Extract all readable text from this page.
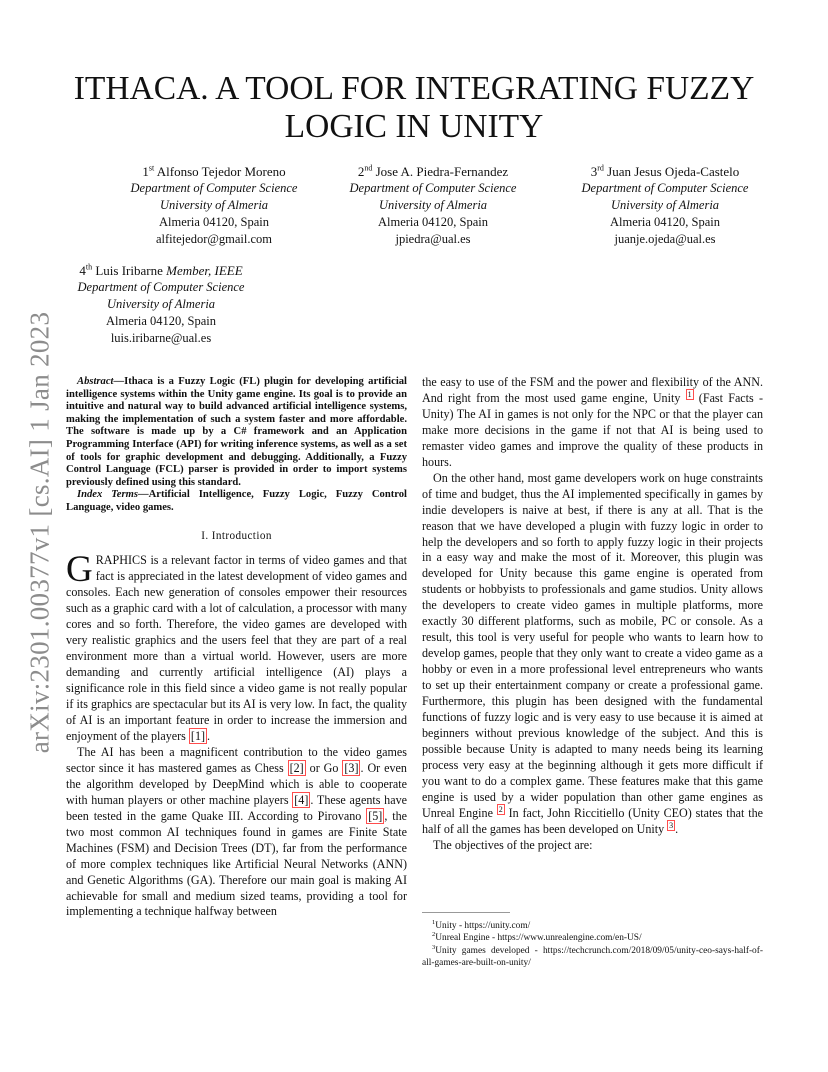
ITHACA. A TOOL FOR INTEGRATING FUZZY
LOGIC IN UNITY
1st Alfonso Tejedor Moreno
Department of Computer Science
University of Almeria
Almeria 04120, Spain
alfitejedor@gmail.com
2nd Jose A. Piedra-Fernandez
Department of Computer Science
University of Almeria
Almeria 04120, Spain
jpiedra@ual.es
3rd Juan Jesus Ojeda-Castelo
Department of Computer Science
University of Almeria
Almeria 04120, Spain
juanje.ojeda@ual.es
4th Luis Iribarne Member, IEEE
Department of Computer Science
University of Almeria
Almeria 04120, Spain
luis.iribarne@ual.es
arXiv:2301.00377v1 [cs.AI] 1 Jan 2023	Abstract—Ithaca is a Fuzzy Logic (FL) plugin for developing artificial intelligence systems within the Unity game engine. Its goal is to provide an intuitive and natural way to build advanced artificial intelligence systems, making the implementation of such a system faster and more affordable. The software is made up by a C# framework and an Application Programming Interface (API) for writing inference systems, as well as a set of tools for graphic development and debugging. Additionally, a Fuzzy Control Language (FCL) parser is provided in order to import systems previously defined using this standard.

Index Terms—Artificial Intelligence, Fuzzy Logic, Fuzzy Control Language, video games.

I. Introduction

GRAPHICS is a relevant factor in terms of video games and that fact is appreciated in the latest development of video games and consoles. Each new generation of consoles empower their resources such as a graphic card with a lot of calculation, a processor with many cores and so forth. Therefore, the video games are developed with very realistic graphics and the users feel that they are part of a real environment more than a virtual world. However, users are more demanding and currently artificial intelligence (AI) plays a significance role in this field since a video game is not really popular if its graphics are spectacular but its AI is very low. In fact, the quality of AI is an important feature in order to increase the immersion and enjoyment of the players [1] .

The AI has been a magnificent contribution to the video games sector since it has mastered games as Chess [2] or Go [3] . Or even the algorithm developed by DeepMind which is able to cooperate with human players or other machine players [4] . These agents have been tested in the game Quake III. According to Pirovano [5] , the two most common AI techniques found in games are Finite State Machines (FSM) and Decision Trees (DT), far from the performance of more complex techniques like Artificial Neural Networks (ANN) and Genetic Algorithms (GA). Therefore our main goal is making AI achievable for small and medium sized teams, providing a tool for implementing a technique halfway between

the easy to use of the FSM and the power and flexibility of the ANN. And right from the most used game engine, Unity $^1$ (Fast Facts - Unity) The AI in games is not only for the NPC or that the player can make more decisions in the game if not that AI is being used to remaster video games and improve the quality of these products in hours.

On the other hand, most game developers work on huge constraints of time and budget, thus the AI implemented specifically in games by indie developers is naive at best, if there is any at all. That is the reason that we have developed a plugin with fuzzy logic in order to help the developers and so forth to apply fuzzy logic in their projects in a easy way and make the most of it. Moreover, this plugin was developed for Unity because this game engine is operated from students or hobbyists to professionals and game studios. Unity allows the developers to create video games in multiple platforms, more exactly 30 different platforms, such as mobile, PC or console. As a result, this tool is very useful for people who wants to learn how to develop games, people that they only want to create a video game as a hobby or even in a more professional level entrepreneurs who wants to set up their entertainment company or create a professional game. Furthermore, this plugin has been designed with the fundamental functions of fuzzy logic and is very easy to use because it is aimed at beginners without previous knowledge of the subject. And this is possible because Unity is adapted to many needs being its learning process very easy at the beginning although it gets more difficult if you want to do a complex game. These features make that this game engine is used by a wider population than other game engines as Unreal Engine $^2$ In fact, John Riccitiello (Unity CEO) states that the half of all the games has been developed on Unity $^3$ .

The objectives of the project are:

$^1$Unity - https://unity.com/
$^2$Unreal Engine - https://www.unrealengine.com/en-US/
$^3$Unity games developed - https://techcrunch.com/2018/09/05/unity-ceo-says-half-of-all-games-are-built-on-unity/
